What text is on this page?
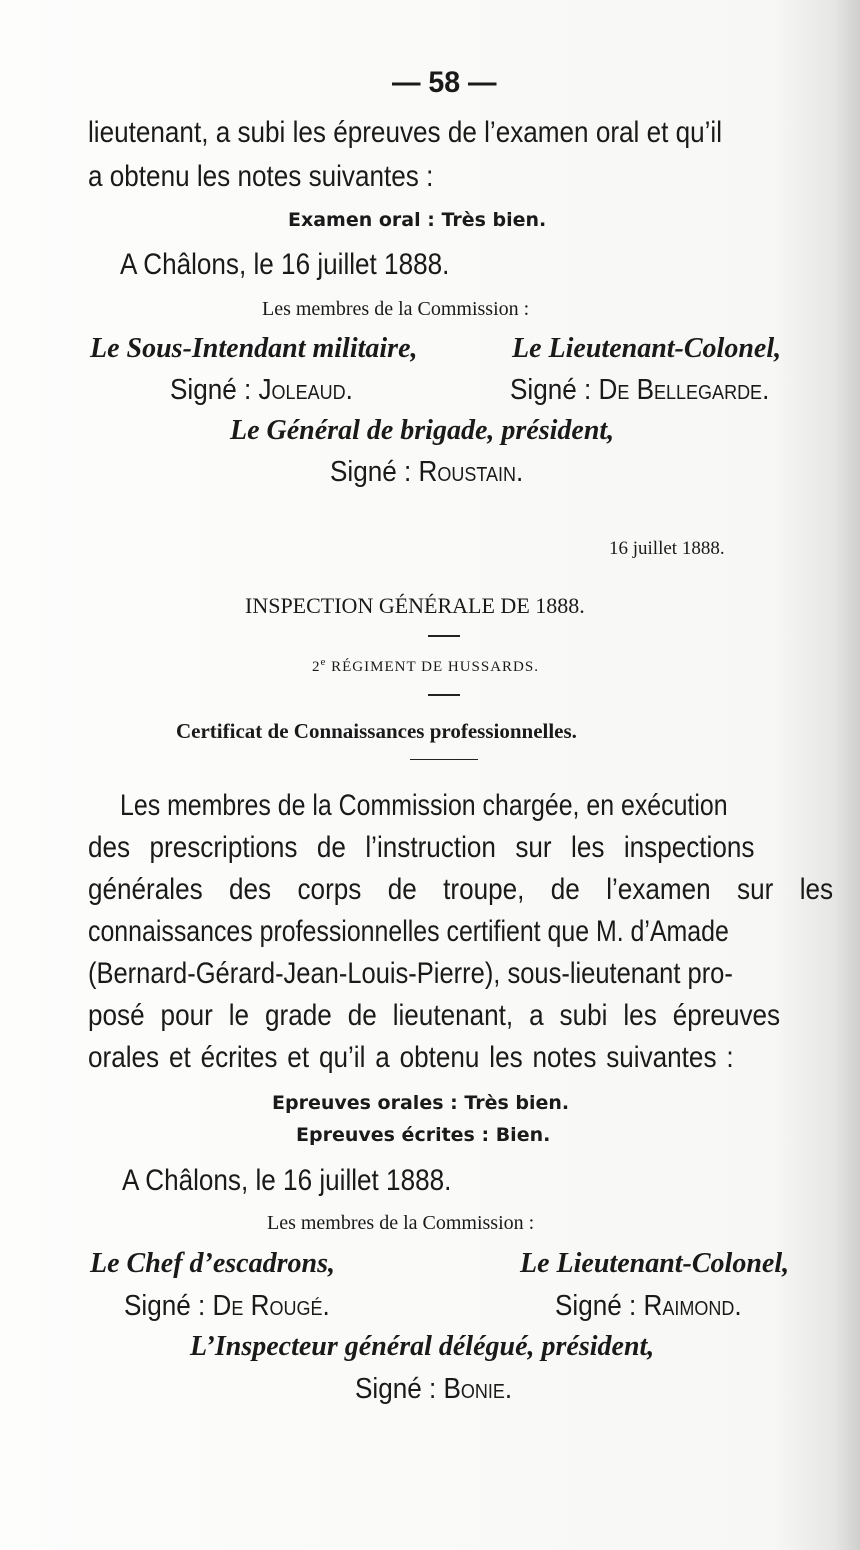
— 58 —
lieutenant, a subi les épreuves de l’examen oral et qu’il
a obtenu les notes suivantes :
Examen oral : Très bien.
A Châlons, le 16 juillet 1888.
Les membres de la Commission :
Le Sous-Intendant militaire,	Le Lieutenant-Colonel,
Signé : Joleaud.	Signé : De Bellegarde.
Le Général de brigade, président,
Signé : Roustain.
16 juillet 1888.
INSPECTION GÉNÉRALE DE 1888.
2e RÉGIMENT DE HUSSARDS.
Certificat de Connaissances professionnelles.
Les membres de la Commission chargée, en exécution
des prescriptions de l’instruction sur les inspections
générales des corps de troupe, de l’examen sur les
connaissances professionnelles certifient que M. d’Amade
(Bernard-Gérard-Jean-Louis-Pierre), sous-lieutenant pro-
posé pour le grade de lieutenant, a subi les épreuves
orales et écrites et qu’il a obtenu les notes suivantes :
Epreuves orales : Très bien.
Epreuves écrites : Bien.
A Châlons, le 16 juillet 1888.
Les membres de la Commission :
Le Chef d’escadrons,	Le Lieutenant-Colonel,
Signé : De Rougé.	Signé : Raimond.
L’Inspecteur général délégué, président,
Signé : Bonie.
